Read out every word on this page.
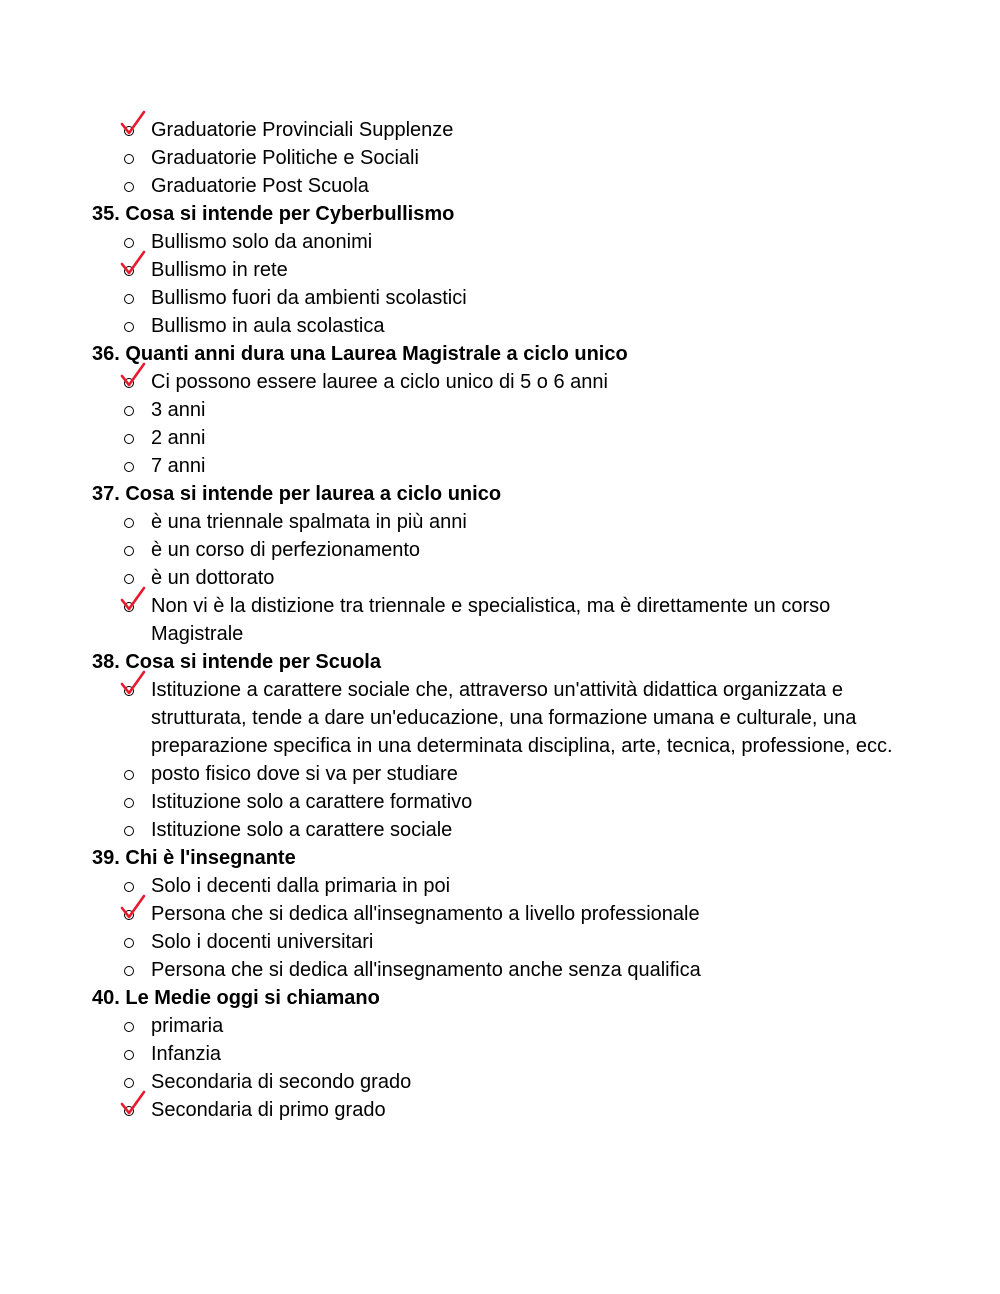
Graduatorie Provinciali Supplenze
Graduatorie Politiche e Sociali
Graduatorie Post Scuola
35. Cosa si intende per Cyberbullismo
Bullismo solo da anonimi
Bullismo in rete
Bullismo fuori da ambienti scolastici
Bullismo in aula scolastica
36. Quanti anni dura una Laurea Magistrale a ciclo unico
Ci possono essere lauree a ciclo unico di 5 o 6 anni
3 anni
2 anni
7 anni
37. Cosa si intende per laurea a ciclo unico
è una triennale spalmata in più anni
è un corso di perfezionamento
è un dottorato
Non vi è la distizione tra triennale e specialistica, ma è direttamente un corso Magistrale
38. Cosa si intende per Scuola
Istituzione a carattere sociale che, attraverso un'attività didattica organizzata e strutturata, tende a dare un'educazione, una formazione umana e culturale, una preparazione specifica in una determinata disciplina, arte, tecnica, professione, ecc.
posto fisico dove si va per studiare
Istituzione solo a carattere formativo
Istituzione solo a carattere sociale
39. Chi è l'insegnante
Solo i decenti dalla primaria in poi
Persona che si dedica all'insegnamento a livello professionale
Solo i docenti universitari
Persona che si dedica all'insegnamento anche senza qualifica
40. Le Medie oggi si chiamano
primaria
Infanzia
Secondaria di secondo grado
Secondaria di primo grado
